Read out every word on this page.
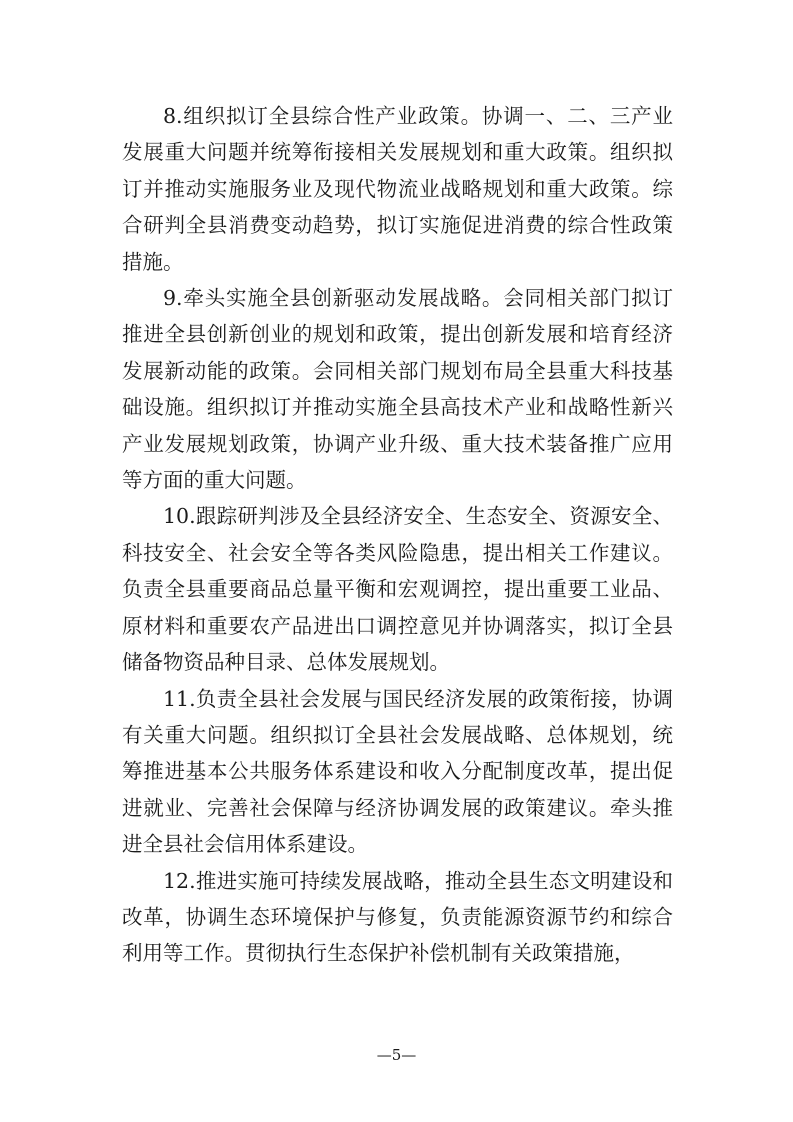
8.组织拟订全县综合性产业政策。协调一、二、三产业发展重大问题并统筹衔接相关发展规划和重大政策。组织拟订并推动实施服务业及现代物流业战略规划和重大政策。综合研判全县消费变动趋势，拟订实施促进消费的综合性政策措施。

9.牵头实施全县创新驱动发展战略。会同相关部门拟订推进全县创新创业的规划和政策，提出创新发展和培育经济发展新动能的政策。会同相关部门规划布局全县重大科技基础设施。组织拟订并推动实施全县高技术产业和战略性新兴产业发展规划政策，协调产业升级、重大技术装备推广应用等方面的重大问题。

10.跟踪研判涉及全县经济安全、生态安全、资源安全、科技安全、社会安全等各类风险隐患，提出相关工作建议。负责全县重要商品总量平衡和宏观调控，提出重要工业品、原材料和重要农产品进出口调控意见并协调落实，拟订全县储备物资品种目录、总体发展规划。

11.负责全县社会发展与国民经济发展的政策衔接，协调有关重大问题。组织拟订全县社会发展战略、总体规划，统筹推进基本公共服务体系建设和收入分配制度改革，提出促进就业、完善社会保障与经济协调发展的政策建议。牵头推进全县社会信用体系建设。

12.推进实施可持续发展战略，推动全县生态文明建设和改革，协调生态环境保护与修复，负责能源资源节约和综合利用等工作。贯彻执行生态保护补偿机制有关政策措施，

—5—
